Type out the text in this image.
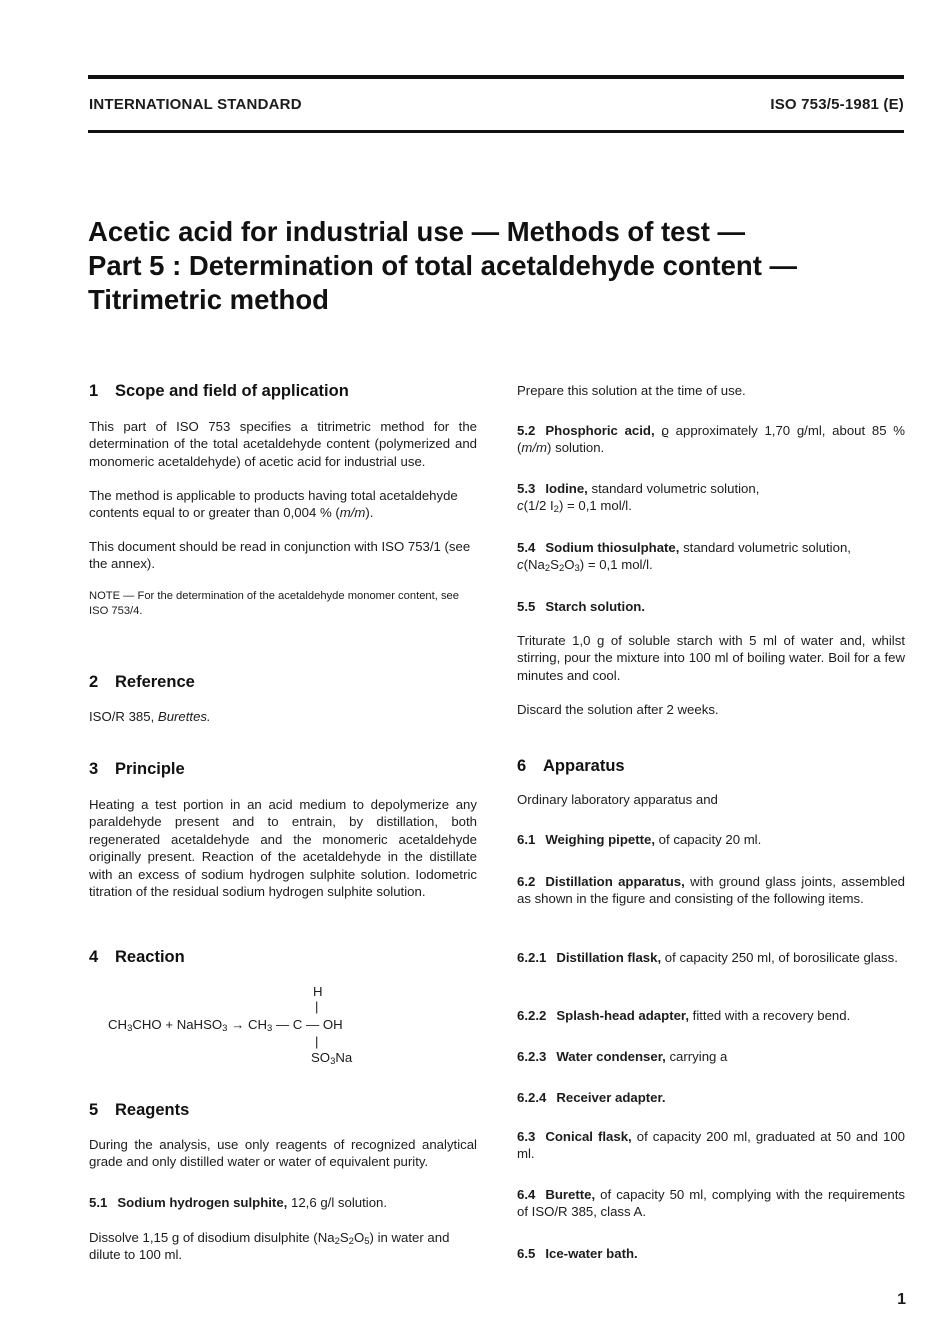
INTERNATIONAL STANDARD	ISO 753/5-1981 (E)
Acetic acid for industrial use — Methods of test —
Part 5 : Determination of total acetaldehyde content —
Titrimetric method
1 Scope and field of application

This part of ISO 753 specifies a titrimetric method for the determination of the total acetaldehyde content (polymerized and monomeric acetaldehyde) of acetic acid for industrial use.

The method is applicable to products having total acetaldehyde contents equal to or greater than 0,004 % (m/m).

This document should be read in conjunction with ISO 753/1 (see the annex).

NOTE — For the determination of the acetaldehyde monomer content, see ISO 753/4.

2 Reference

ISO/R 385, Burettes.

3 Principle

Heating a test portion in an acid medium to depolymerize any paraldehyde present and to entrain, by distillation, both regenerated acetaldehyde and the monomeric acetaldehyde originally present. Reaction of the acetaldehyde in the distillate with an excess of sodium hydrogen sulphite solution. Iodometric titration of the residual sodium hydrogen sulphite solution.

4 Reaction
H
|
$CH_3CHO$ + NaHSO$_3$ → $CH_3$ — C — OH
|
$SO_3Na$
5 Reagents

During the analysis, use only reagents of recognized analytical grade and only distilled water or water of equivalent purity.

5.1 Sodium hydrogen sulphite, 12,6 g/l solution.

Dissolve 1,15 g of disodium disulphite $(Na_2S_2O_5)$ in water and dilute to 100 ml.

Prepare this solution at the time of use.

5.2 Phosphoric acid, ϱ approximately 1,70 g/ml, about 85 % (m/m) solution.

5.3 Iodine, standard volumetric solution,
c(1/2 $I_2) = 0,1$ mol/l.

5.4 Sodium thiosulphate, standard volumetric solution,
$c(Na_2S_2O_3) = 0,1$ mol/l.

5.5 Starch solution.

Triturate 1,0 g of soluble starch with 5 ml of water and, whilst stirring, pour the mixture into 100 ml of boiling water. Boil for a few minutes and cool.

Discard the solution after 2 weeks.

6 Apparatus

Ordinary laboratory apparatus and

6.1 Weighing pipette, of capacity 20 ml.

6.2 Distillation apparatus, with ground glass joints, assembled as shown in the figure and consisting of the following items.

6.2.1 Distillation flask, of capacity 250 ml, of borosilicate glass.

6.2.2 Splash-head adapter, fitted with a recovery bend.

6.2.3 Water condenser, carrying a

6.2.4 Receiver adapter.

6.3 Conical flask, of capacity 200 ml, graduated at 50 and 100 ml.

6.4 Burette, of capacity 50 ml, complying with the requirements of ISO/R 385, class A.

6.5 Ice-water bath.

1
